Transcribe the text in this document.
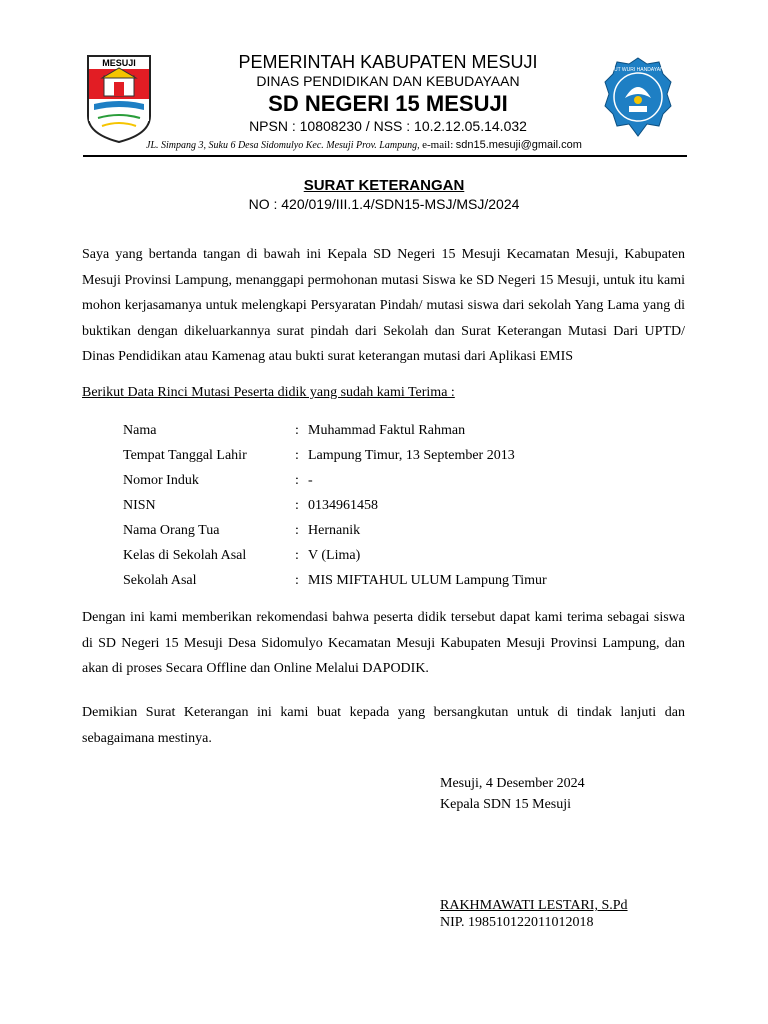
MESUJI
TUT WURI HANDAYANI
PEMERINTAH KABUPATEN MESUJI
DINAS PENDIDIKAN DAN KEBUDAYAAN
SD NEGERI 15 MESUJI
NPSN : 10808230 / NSS : 10.2.12.05.14.032
JL. Simpang 3, Suku 6 Desa Sidomulyo Kec. Mesuji Prov. Lampung, e-mail: sdn15.mesuji@gmail.com
SURAT KETERANGAN
NO : 420/019/III.1.4/SDN15-MSJ/MSJ/2024
Saya yang bertanda tangan di bawah ini Kepala SD Negeri 15 Mesuji Kecamatan Mesuji, Kabupaten Mesuji Provinsi Lampung, menanggapi permohonan mutasi Siswa ke SD Negeri 15 Mesuji, untuk itu kami mohon kerjasamanya untuk melengkapi Persyaratan Pindah/ mutasi siswa dari sekolah Yang Lama yang di buktikan dengan dikeluarkannya surat pindah dari Sekolah dan Surat Keterangan Mutasi Dari UPTD/ Dinas Pendidikan atau Kamenag atau bukti surat keterangan mutasi dari Aplikasi EMIS
Berikut Data Rinci Mutasi Peserta didik yang sudah kami Terima :
Nama	: Muhammad Faktul Rahman
Tempat Tanggal Lahir	: Lampung Timur, 13 September 2013
Nomor Induk	: -
NISN	: 0134961458
Nama Orang Tua	: Hernanik
Kelas di Sekolah Asal	: V (Lima)
Sekolah Asal	: MIS MIFTAHUL ULUM Lampung Timur
Dengan ini kami memberikan rekomendasi bahwa peserta didik tersebut dapat kami terima sebagai siswa di SD Negeri 15 Mesuji Desa Sidomulyo Kecamatan Mesuji Kabupaten Mesuji Provinsi Lampung, dan akan di proses Secara Offline dan Online Melalui DAPODIK.
Demikian Surat Keterangan ini kami buat kepada yang bersangkutan untuk di tindak lanjuti dan sebagaimana mestinya.
Mesuji, 4 Desember 2024
Kepala SDN 15 Mesuji
RAKHMAWATI LESTARI, S.Pd
NIP. 198510122011012018
